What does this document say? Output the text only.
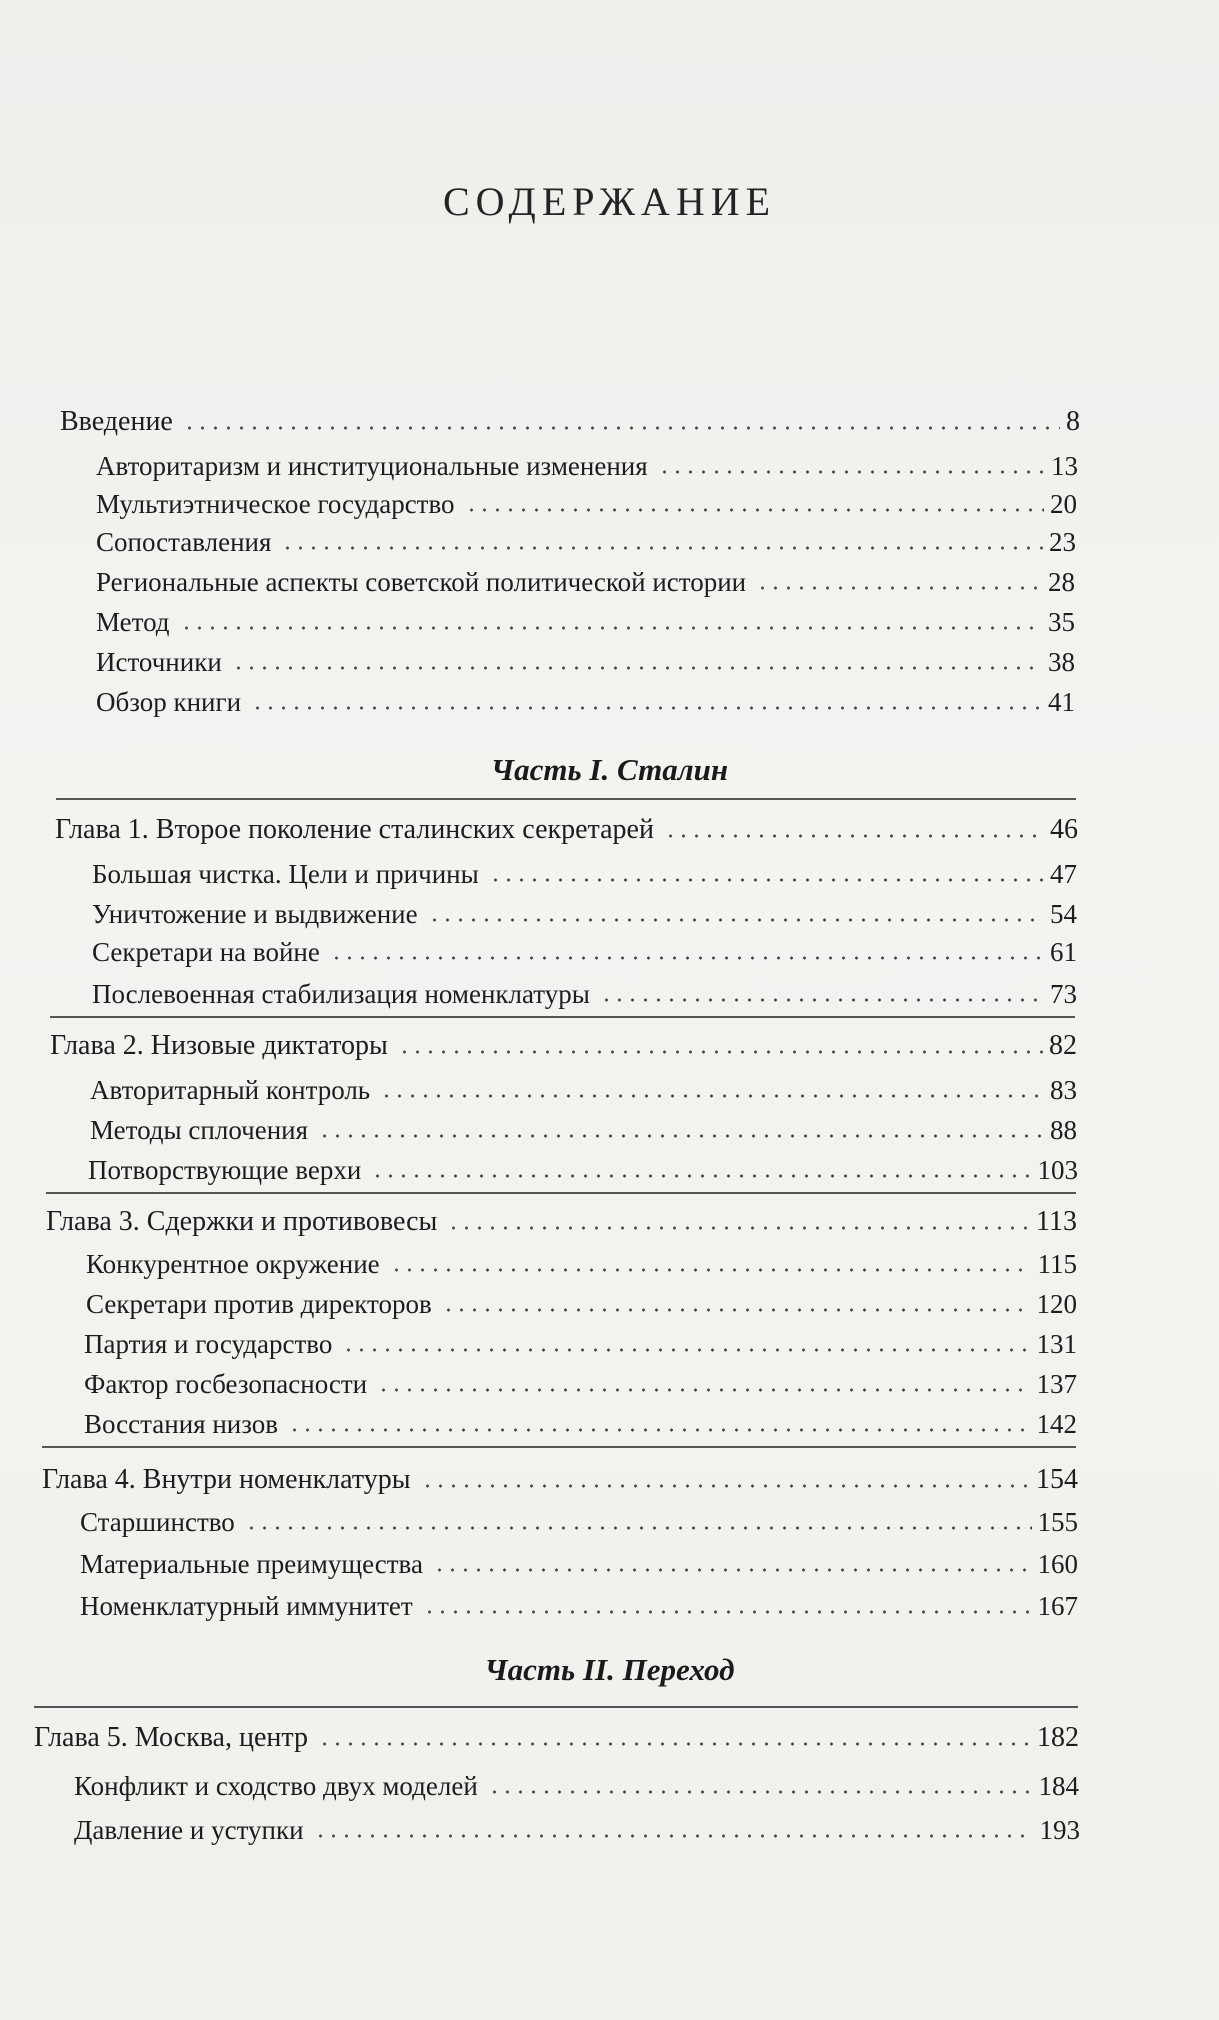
СОДЕРЖАНИЕ
Введение	8
Авторитаризм и институциональные изменения	13
Мультиэтническое государство	20
Сопоставления	23
Региональные аспекты советской политической истории	28
Метод	35
Источники	38
Обзор книги	41
Часть I. Сталин
Глава 1. Второе поколение сталинских секретарей	46
Большая чистка. Цели и причины	47
Уничтожение и выдвижение	54
Секретари на войне	61
Послевоенная стабилизация номенклатуры	73
Глава 2. Низовые диктаторы	82
Авторитарный контроль	83
Методы сплочения	88
Потворствующие верхи	103
Глава 3. Сдержки и противовесы	113
Конкурентное окружение	115
Секретари против директоров	120
Партия и государство	131
Фактор госбезопасности	137
Восстания низов	142
Глава 4. Внутри номенклатуры	154
Старшинство	155
Материальные преимущества	160
Номенклатурный иммунитет	167
Часть II. Переход
Глава 5. Москва, центр	182
Конфликт и сходство двух моделей	184
Давление и уступки	193
